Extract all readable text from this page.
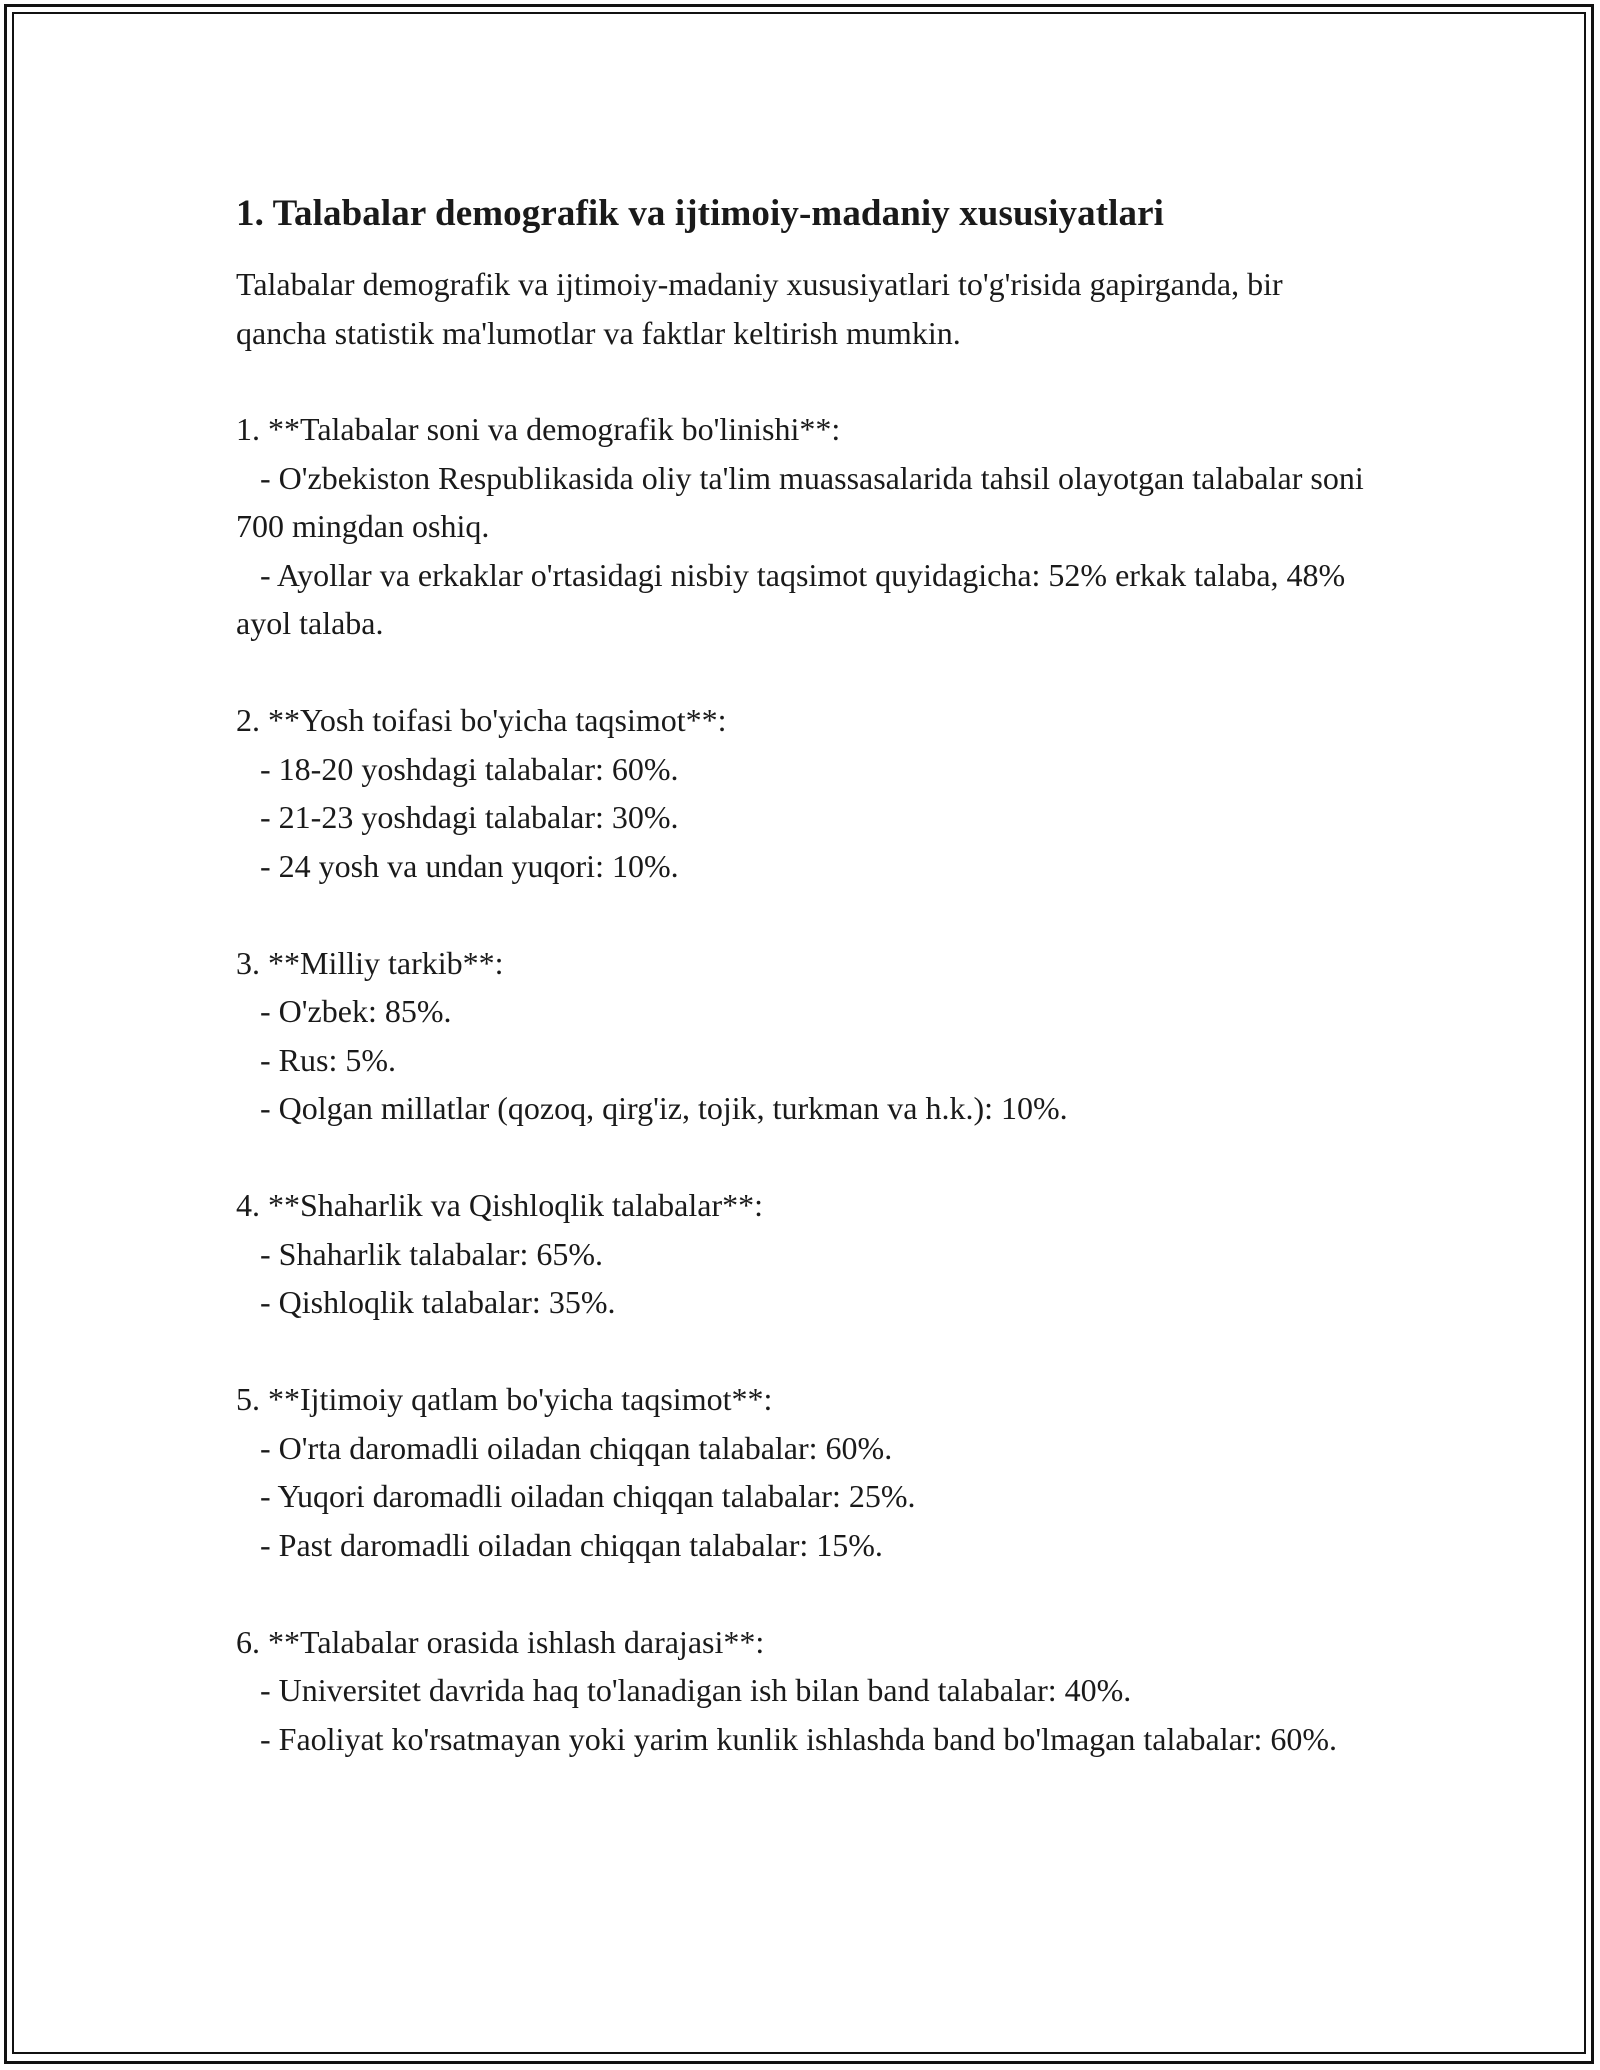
1. Talabalar demografik va ijtimoiy-madaniy xususiyatlari

Talabalar demografik va ijtimoiy-madaniy xususiyatlari to'g'risida gapirganda, bir qancha statistik ma'lumotlar va faktlar keltirish mumkin.

1. **Talabalar soni va demografik bo'linishi**:
- O'zbekiston Respublikasida oliy ta'lim muassasalarida tahsil olayotgan talabalar soni 700 mingdan oshiq.
- Ayollar va erkaklar o'rtasidagi nisbiy taqsimot quyidagicha: 52% erkak talaba, 48% ayol talaba.
2. **Yosh toifasi bo'yicha taqsimot**:
- 18-20 yoshdagi talabalar: 60%.
- 21-23 yoshdagi talabalar: 30%.
- 24 yosh va undan yuqori: 10%.
3. **Milliy tarkib**:
- O'zbek: 85%.
- Rus: 5%.
- Qolgan millatlar (qozoq, qirg'iz, tojik, turkman va h.k.): 10%.
4. **Shaharlik va Qishloqlik talabalar**:
- Shaharlik talabalar: 65%.
- Qishloqlik talabalar: 35%.
5. **Ijtimoiy qatlam bo'yicha taqsimot**:
- O'rta daromadli oiladan chiqqan talabalar: 60%.
- Yuqori daromadli oiladan chiqqan talabalar: 25%.
- Past daromadli oiladan chiqqan talabalar: 15%.
6. **Talabalar orasida ishlash darajasi**:
- Universitet davrida haq to'lanadigan ish bilan band talabalar: 40%.
- Faoliyat ko'rsatmayan yoki yarim kunlik ishlashda band bo'lmagan talabalar: 60%.
